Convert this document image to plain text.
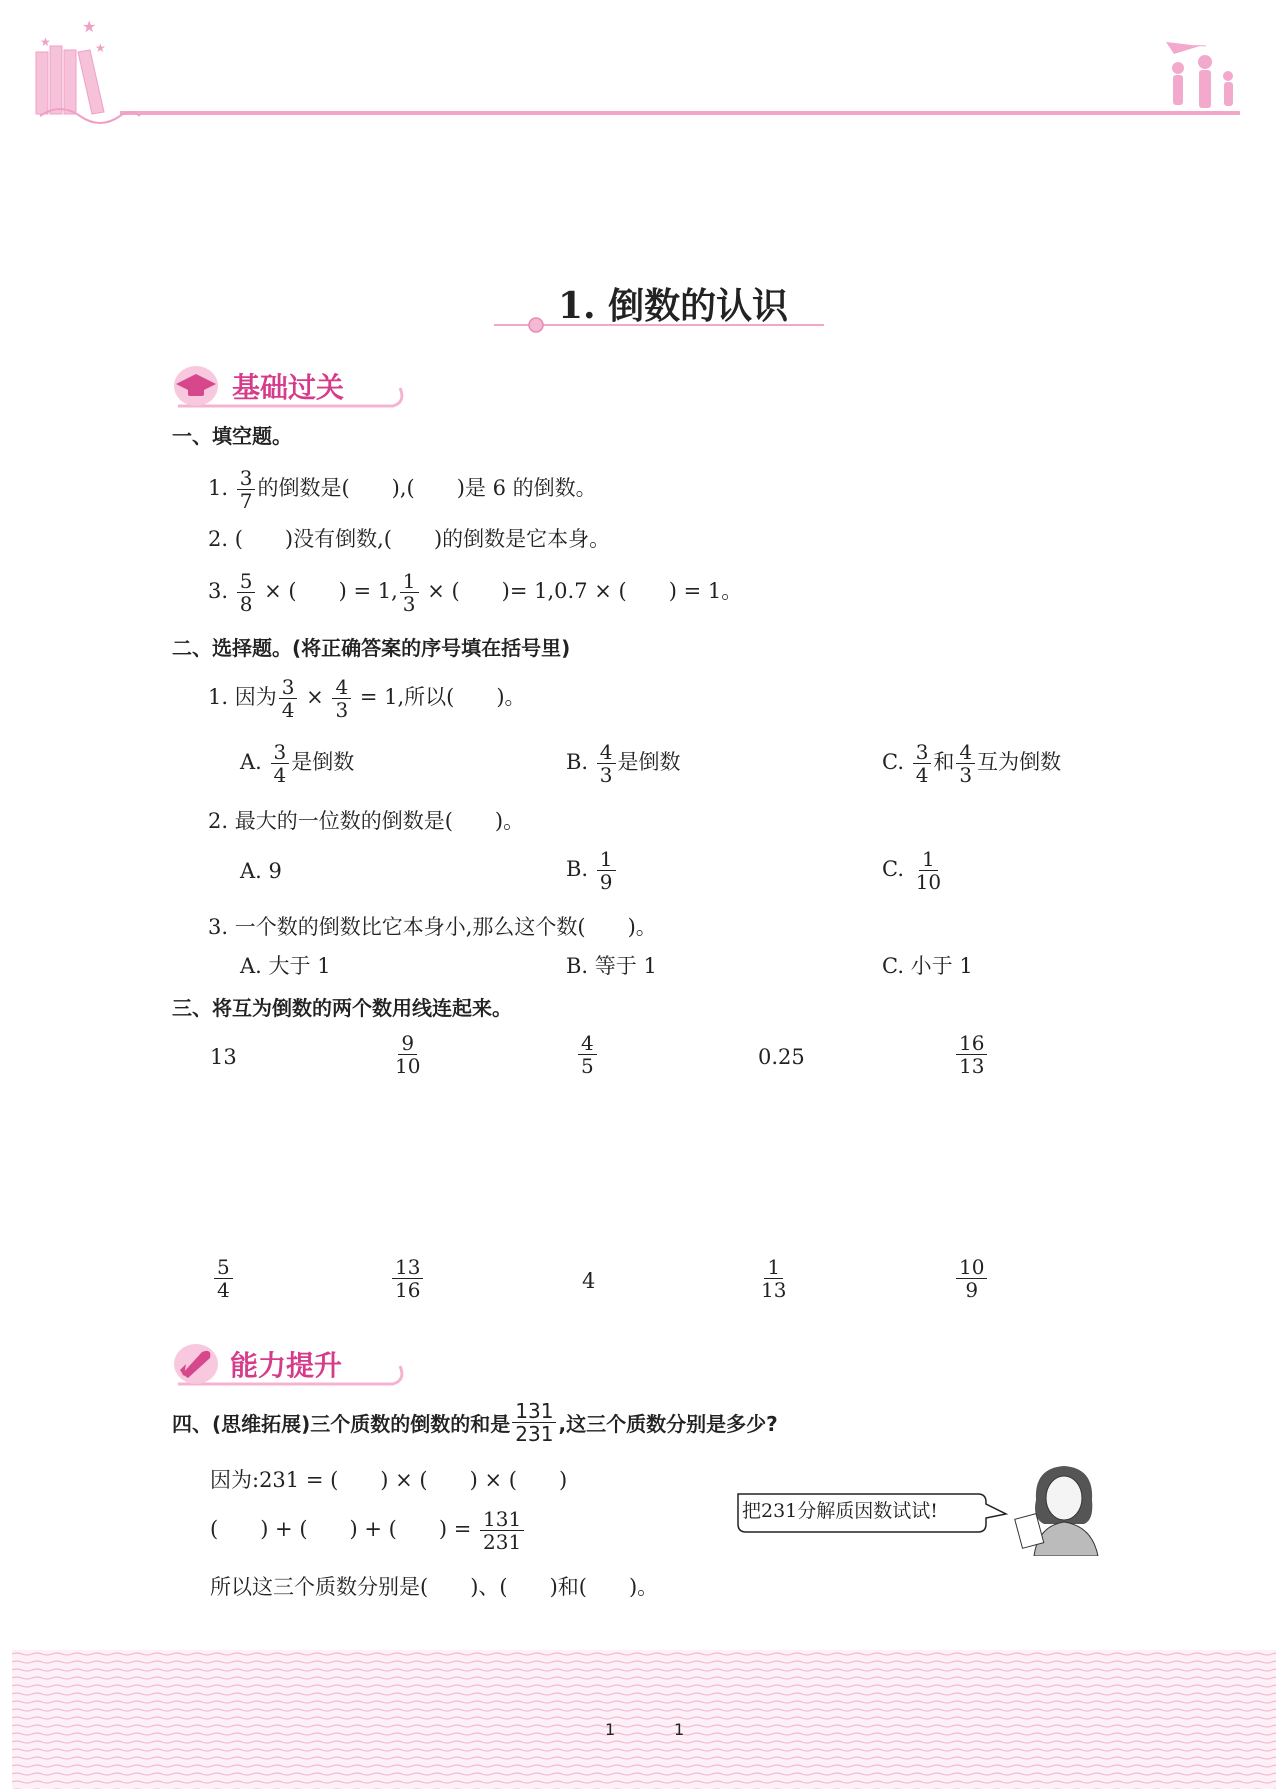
★
★
★
1. 倒数的认识
基础过关
一、填空题。
1. $\frac{3}{7}$ 的倒数是(　　),(　　)是 6 的倒数。
2. (　　)没有倒数,(　　)的倒数是它本身。
3. $\frac{5}{8}$ × (　　) = 1, $\frac{1}{3}$ × (　　)= 1,0.7 × (　　) = 1。
二、选择题。(将正确答案的序号填在括号里)
1. 因为 $\frac{3}{4} \times \frac{4}{3} = 1$,所以(　　)。
A. $\frac{3}{4}$ 是倒数	B. $\frac{4}{3}$ 是倒数	C. $\frac{3}{4}$ 和 $\frac{4}{3}$ 互为倒数
2. 最大的一位数的倒数是(　　)。
A. 9	B. $\frac{1}{9}$	C. $\frac{1}{10}$
3. 一个数的倒数比它本身小,那么这个数(　　)。
A. 大于 1	B. 等于 1	C. 小于 1
三、将互为倒数的两个数用线连起来。
13	$\frac{9}{10}$	$\frac{4}{5}$	0.25	$\frac{16}{13}$
$\frac{5}{4}$	$\frac{13}{16}$	4	$\frac{1}{13}$	$\frac{10}{9}$
能力提升
四、(思维拓展)三个质数的倒数的和是 $\frac{131}{231}$ ,这三个质数分别是多少?
因为:231 = (　　) × (　　) × (　　)
(　　) + (　　) + (　　) = $\frac{131}{231}$
所以这三个质数分别是(　　)、(　　)和(　　)。
把231分解质因数试试!
1	1
